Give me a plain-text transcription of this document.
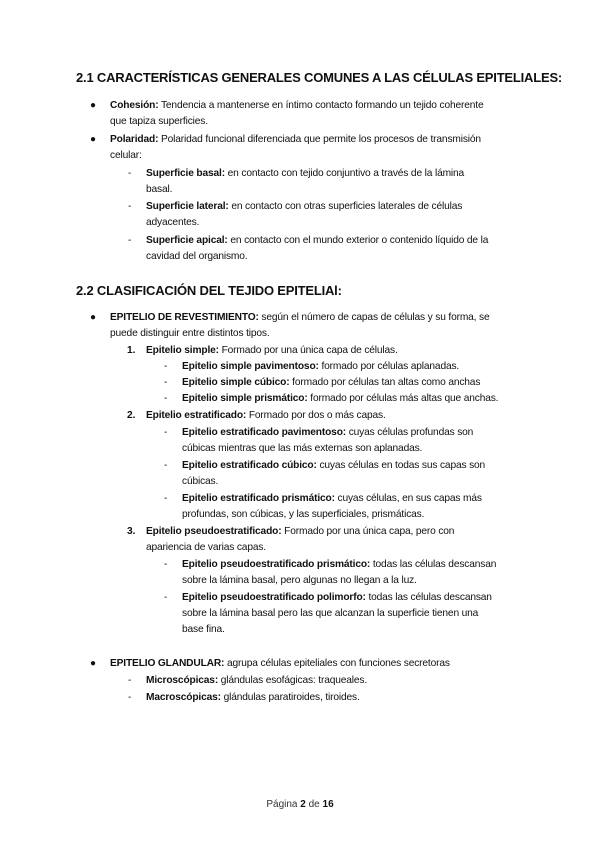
2.1 CARACTERÍSTICAS GENERALES COMUNES A LAS CÉLULAS EPITELIALES:
● Cohesión: Tendencia a mantenerse en íntimo contacto formando un tejido coherente
que tapiza superficies.
● Polaridad: Polaridad funcional diferenciada que permite los procesos de transmisión
celular:
- Superficie basal: en contacto con tejido conjuntivo a través de la lámina
basal.
- Superficie lateral: en contacto con otras superficies laterales de células
adyacentes.
- Superficie apical: en contacto con el mundo exterior o contenido líquido de la
cavidad del organismo.
2.2 CLASIFICACIÓN DEL TEJIDO EPITELIAl:
● EPITELIO DE REVESTIMIENTO: según el número de capas de células y su forma, se
puede distinguir entre distintos tipos.
1. Epitelio simple: Formado por una única capa de células.
- Epitelio simple pavimentoso: formado por células aplanadas.
- Epitelio simple cúbico: formado por células tan altas como anchas
- Epitelio simple prismático: formado por células más altas que anchas.
2. Epitelio estratificado: Formado por dos o más capas.
- Epitelio estratificado pavimentoso: cuyas células profundas son
cúbicas mientras que las más externas son aplanadas.
- Epitelio estratificado cúbico: cuyas células en todas sus capas son
cúbicas.
- Epitelio estratificado prismático: cuyas células, en sus capas más
profundas, son cúbicas, y las superficiales, prismáticas.
3. Epitelio pseudoestratificado: Formado por una única capa, pero con
apariencia de varias capas.
- Epitelio pseudoestratificado prismático: todas las células descansan
sobre la lámina basal, pero algunas no llegan a la luz.
- Epitelio pseudoestratificado polimorfo: todas las células descansan
sobre la lámina basal pero las que alcanzan la superficie tienen una
base fina.
● EPITELIO GLANDULAR: agrupa células epiteliales con funciones secretoras
- Microscópicas: glándulas esofágicas: traqueales.
- Macroscópicas: glándulas paratiroides, tiroides.
Página 2 de 16
